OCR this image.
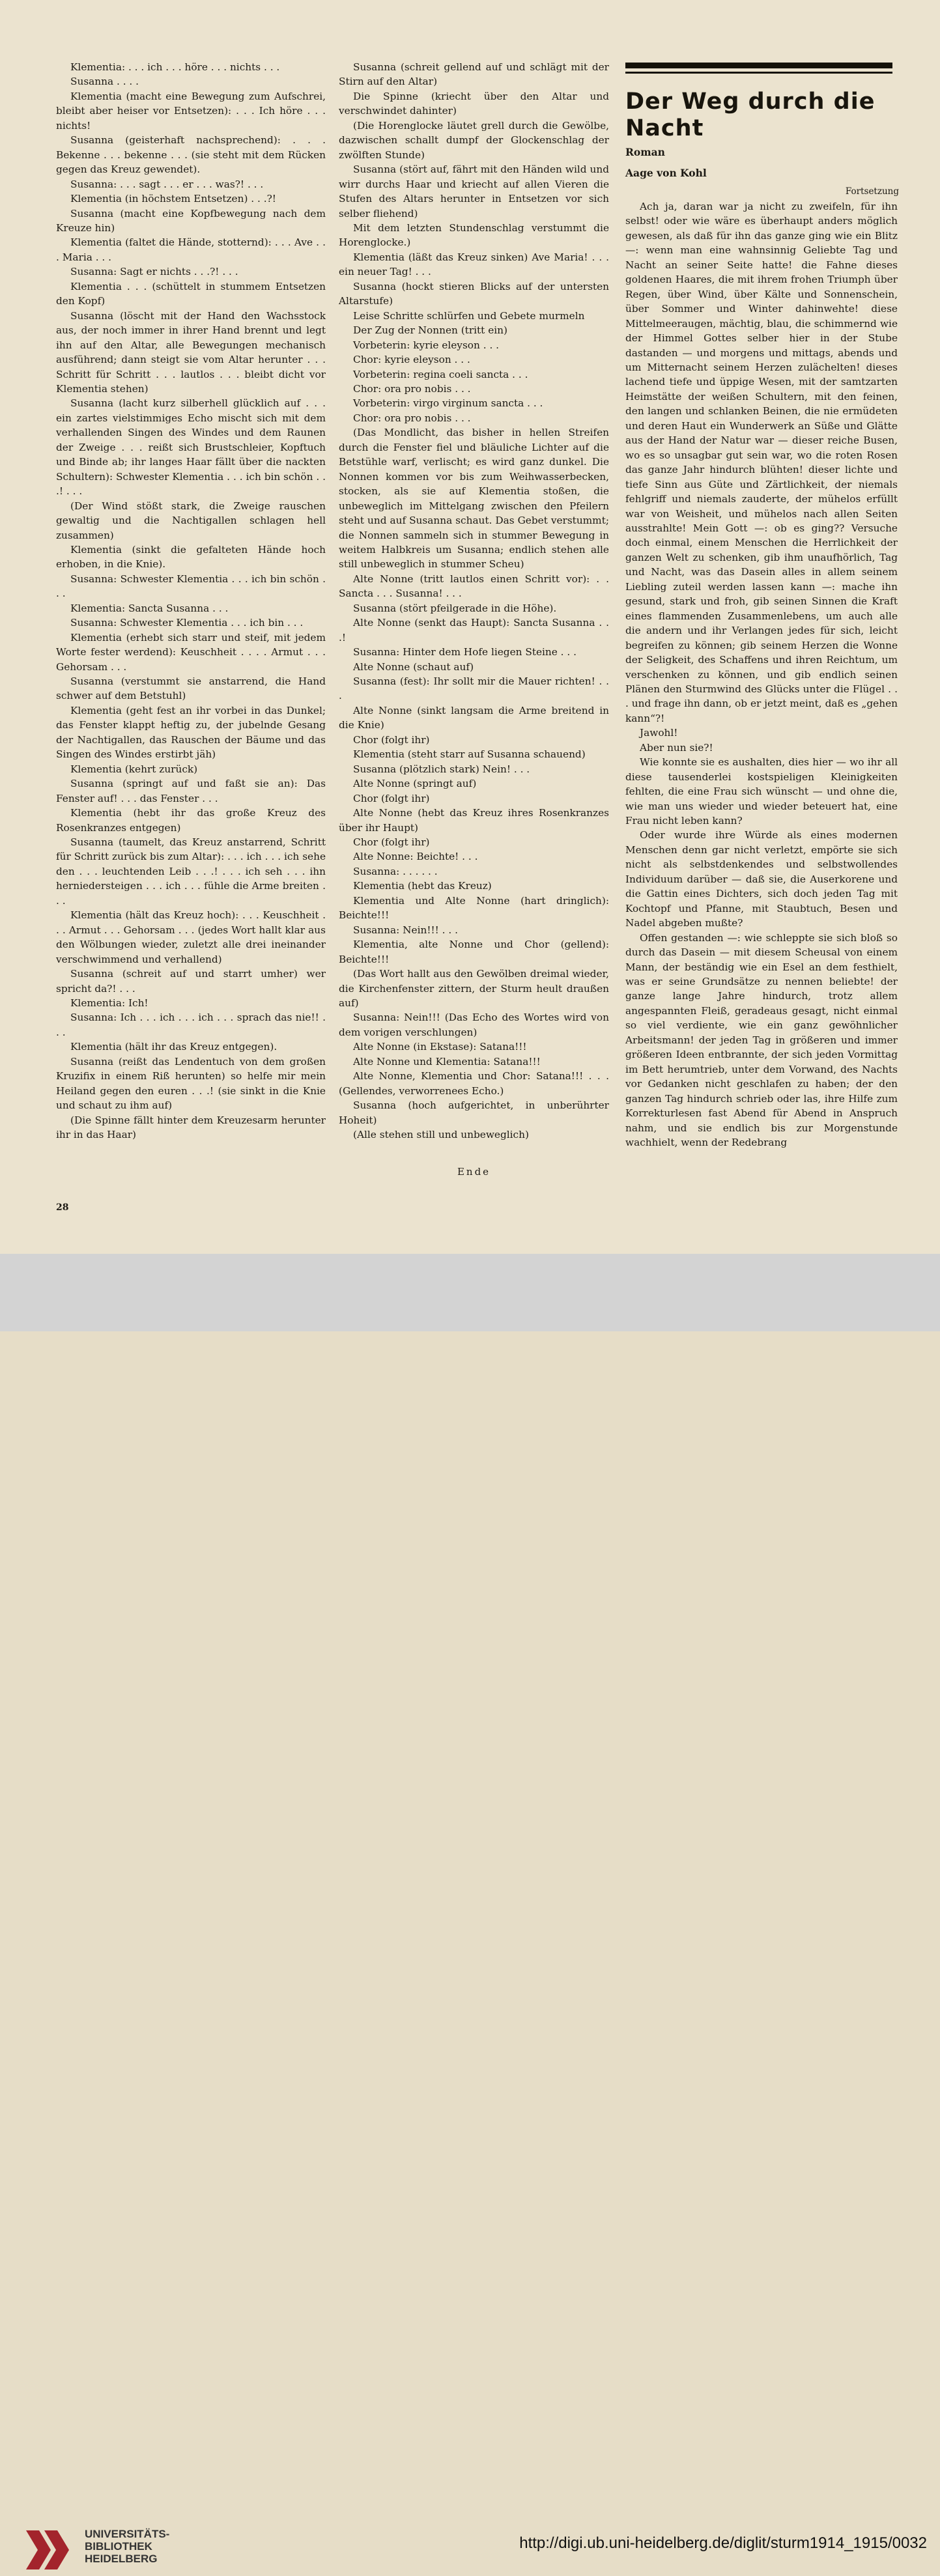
Klementia: . . . ich . . . höre . . . nichts . . .

Susanna . . . .

Klementia (macht eine Bewegung zum Aufschrei, bleibt aber heiser vor Entsetzen): . . . Ich höre . . . nichts!

Susanna (geisterhaft nachsprechend): . . . Bekenne . . . bekenne . . . (sie steht mit dem Rücken gegen das Kreuz gewendet).

Susanna: . . . sagt . . . er . . . was?! . . .

Klementia (in höchstem Entsetzen) . . .?!

Susanna (macht eine Kopfbewegung nach dem Kreuze hin)

Klementia (faltet die Hände, stotternd): . . . Ave . . . Maria . . .

Susanna: Sagt er nichts . . .?! . . .

Klementia . . . (schüttelt in stummem Entsetzen den Kopf)

Susanna (löscht mit der Hand den Wachsstock aus, der noch immer in ihrer Hand brennt und legt ihn auf den Altar, alle Bewegungen mechanisch ausführend; dann steigt sie vom Altar herunter . . . Schritt für Schritt . . . lautlos . . . bleibt dicht vor Klementia stehen)

Susanna (lacht kurz silberhell glücklich auf . . . ein zartes vielstimmiges Echo mischt sich mit dem verhallenden Singen des Windes und dem Raunen der Zweige . . . reißt sich Brustschleier, Kopftuch und Binde ab; ihr langes Haar fällt über die nackten Schultern): Schwester Klementia . . . ich bin schön . . .! . . .

(Der Wind stößt stark, die Zweige rauschen gewaltig und die Nachtigallen schlagen hell zusammen)

Klementia (sinkt die gefalteten Hände hoch erhoben, in die Knie).

Susanna: Schwester Klementia . . . ich bin schön . . .

Klementia: Sancta Susanna . . .

Susanna: Schwester Klementia . . . ich bin . . .

Klementia (erhebt sich starr und steif, mit jedem Worte fester werdend): Keuschheit . . . . Armut . . . Gehorsam . . .

Susanna (verstummt sie anstarrend, die Hand schwer auf dem Betstuhl)

Klementia (geht fest an ihr vorbei in das Dunkel; das Fenster klappt heftig zu, der jubelnde Gesang der Nachtigallen, das Rauschen der Bäume und das Singen des Windes erstirbt jäh)

Klementia (kehrt zurück)

Susanna (springt auf und faßt sie an): Das Fenster auf! . . . das Fenster . . .

Klementia (hebt ihr das große Kreuz des Rosenkranzes entgegen)

Susanna (taumelt, das Kreuz anstarrend, Schritt für Schritt zurück bis zum Altar): . . . ich . . . ich sehe den . . . leuchtenden Leib . . .! . . . ich seh . . . ihn herniedersteigen . . . ich . . . fühle die Arme breiten . . .

Klementia (hält das Kreuz hoch): . . . Keuschheit . . . Armut . . . Gehorsam . . . (jedes Wort hallt klar aus den Wölbungen wieder, zuletzt alle drei ineinander verschwimmend und verhallend)

Susanna (schreit auf und starrt umher) wer spricht da?! . . .

Klementia: Ich!

Susanna: Ich . . . ich . . . ich . . . sprach das nie!! . . .

Klementia (hält ihr das Kreuz entgegen).

Susanna (reißt das Lendentuch von dem großen Kruzifix in einem Riß herunten) so helfe mir mein Heiland gegen den euren . . .! (sie sinkt in die Knie und schaut zu ihm auf)

(Die Spinne fällt hinter dem Kreuzesarm herunter ihr in das Haar)

Susanna (schreit gellend auf und schlägt mit der Stirn auf den Altar)

Die Spinne (kriecht über den Altar und verschwindet dahinter)

(Die Horenglocke läutet grell durch die Gewölbe, dazwischen schallt dumpf der Glockenschlag der zwölften Stunde)

Susanna (stört auf, fährt mit den Händen wild und wirr durchs Haar und kriecht auf allen Vieren die Stufen des Altars herunter in Entsetzen vor sich selber fliehend)

Mit dem letzten Stundenschlag verstummt die Horenglocke.)

Klementia (läßt das Kreuz sinken) Ave Maria! . . . ein neuer Tag! . . .

Susanna (hockt stieren Blicks auf der untersten Altarstufe)

Leise Schritte schlürfen und Gebete murmeln

Der Zug der Nonnen (tritt ein)

Vorbeterin: kyrie eleyson . . .

Chor: kyrie eleyson . . .

Vorbeterin: regina coeli sancta . . .

Chor: ora pro nobis . . .

Vorbeterin: virgo virginum sancta . . .

Chor: ora pro nobis . . .

(Das Mondlicht, das bisher in hellen Streifen durch die Fenster fiel und bläuliche Lichter auf die Betstühle warf, verlischt; es wird ganz dunkel. Die Nonnen kommen vor bis zum Weihwasserbecken, stocken, als sie auf Klementia stoßen, die unbeweglich im Mittelgang zwischen den Pfeilern steht und auf Susanna schaut. Das Gebet verstummt; die Nonnen sammeln sich in stummer Bewegung in weitem Halbkreis um Susanna; endlich stehen alle still unbeweglich in stummer Scheu)

Alte Nonne (tritt lautlos einen Schritt vor): . . Sancta . . . Susanna! . . .

Susanna (stört pfeilgerade in die Höhe).

Alte Nonne (senkt das Haupt): Sancta Susanna . . .!

Susanna: Hinter dem Hofe liegen Steine . . .

Alte Nonne (schaut auf)

Susanna (fest): Ihr sollt mir die Mauer richten! . . .

Alte Nonne (sinkt langsam die Arme breitend in die Knie)

Chor (folgt ihr)

Klementia (steht starr auf Susanna schauend)

Susanna (plötzlich stark) Nein! . . .

Alte Nonne (springt auf)

Chor (folgt ihr)

Alte Nonne (hebt das Kreuz ihres Rosenkranzes über ihr Haupt)

Chor (folgt ihr)

Alte Nonne: Beichte! . . .

Susanna: . . . . . .

Klementia (hebt das Kreuz)

Klementia und Alte Nonne (hart dringlich): Beichte!!!

Susanna: Nein!!! . . .

Klementia, alte Nonne und Chor (gellend): Beichte!!!

(Das Wort hallt aus den Gewölben dreimal wieder, die Kirchenfenster zittern, der Sturm heult draußen auf)

Susanna: Nein!!! (Das Echo des Wortes wird von dem vorigen verschlungen)

Alte Nonne (in Ekstase): Satana!!!

Alte Nonne und Klementia: Satana!!!

Alte Nonne, Klementia und Chor: Satana!!! . . . (Gellendes, verworrenees Echo.)

Susanna (hoch aufgerichtet, in unberührter Hoheit)

(Alle stehen still und unbeweglich)

Ende
Der Weg durch die Nacht
Roman
Aage von Kohl
Fortsetzung

Ach ja, daran war ja nicht zu zweifeln, für ihn selbst! oder wie wäre es überhaupt anders möglich gewesen, als daß für ihn das ganze ging wie ein Blitz —: wenn man eine wahnsinnig Geliebte Tag und Nacht an seiner Seite hatte! die Fahne dieses goldenen Haares, die mit ihrem frohen Triumph über Regen, über Wind, über Kälte und Sonnenschein, über Sommer und Winter dahinwehte! diese Mittelmeeraugen, mächtig, blau, die schimmernd wie der Himmel Gottes selber hier in der Stube dastanden — und morgens und mittags, abends und um Mitternacht seinem Herzen zulächelten! dieses lachend tiefe und üppige Wesen, mit der samtzarten Heimstätte der weißen Schultern, mit den feinen, den langen und schlanken Beinen, die nie ermüdeten und deren Haut ein Wunderwerk an Süße und Glätte aus der Hand der Natur war — dieser reiche Busen, wo es so unsagbar gut sein war, wo die roten Rosen das ganze Jahr hindurch blühten! dieser lichte und tiefe Sinn aus Güte und Zärtlichkeit, der niemals fehlgriff und niemals zauderte, der mühelos erfüllt war von Weisheit, und mühelos nach allen Seiten ausstrahlte! Mein Gott —: ob es ging?? Versuche doch einmal, einem Menschen die Herrlichkeit der ganzen Welt zu schenken, gib ihm unaufhörlich, Tag und Nacht, was das Dasein alles in allem seinem Liebling zuteil werden lassen kann —: mache ihn gesund, stark und froh, gib seinen Sinnen die Kraft eines flammenden Zusammenlebens, um auch alle die andern und ihr Verlangen jedes für sich, leicht begreifen zu können; gib seinem Herzen die Wonne der Seligkeit, des Schaffens und ihren Reichtum, um verschenken zu können, und gib endlich seinen Plänen den Sturmwind des Glücks unter die Flügel . . . und frage ihn dann, ob er jetzt meint, daß es „gehen kann“?!

Jawohl!

Aber nun sie?!

Wie konnte sie es aushalten, dies hier — wo ihr all diese tausenderlei kostspieligen Kleinigkeiten fehlten, die eine Frau sich wünscht — und ohne die, wie man uns wieder und wieder beteuert hat, eine Frau nicht leben kann?

Oder wurde ihre Würde als eines modernen Menschen denn gar nicht verletzt, empörte sie sich nicht als selbstdenkendes und selbstwollendes Individuum darüber — daß sie, die Auserkorene und die Gattin eines Dichters, sich doch jeden Tag mit Kochtopf und Pfanne, mit Staubtuch, Besen und Nadel abgeben mußte?

Offen gestanden —: wie schleppte sie sich bloß so durch das Dasein — mit diesem Scheusal von einem Mann, der beständig wie ein Esel an dem festhielt, was er seine Grundsätze zu nennen beliebte! der ganze lange Jahre hindurch, trotz allem angespannten Fleiß, geradeaus gesagt, nicht einmal so viel verdiente, wie ein ganz gewöhnlicher Arbeitsmann! der jeden Tag in größeren und immer größeren Ideen entbrannte, der sich jeden Vormittag im Bett herumtrieb, unter dem Vorwand, des Nachts vor Gedanken nicht geschlafen zu haben; der den ganzen Tag hindurch schrieb oder las, ihre Hilfe zum Korrekturlesen fast Abend für Abend in Anspruch nahm, und sie endlich bis zur Morgenstunde wachhielt, wenn der Redebrang

28
UNIVERSITÄTS-
BIBLIOTHEK
HEIDELBERG
http://digi.ub.uni-heidelberg.de/diglit/sturm1914_1915/0032
